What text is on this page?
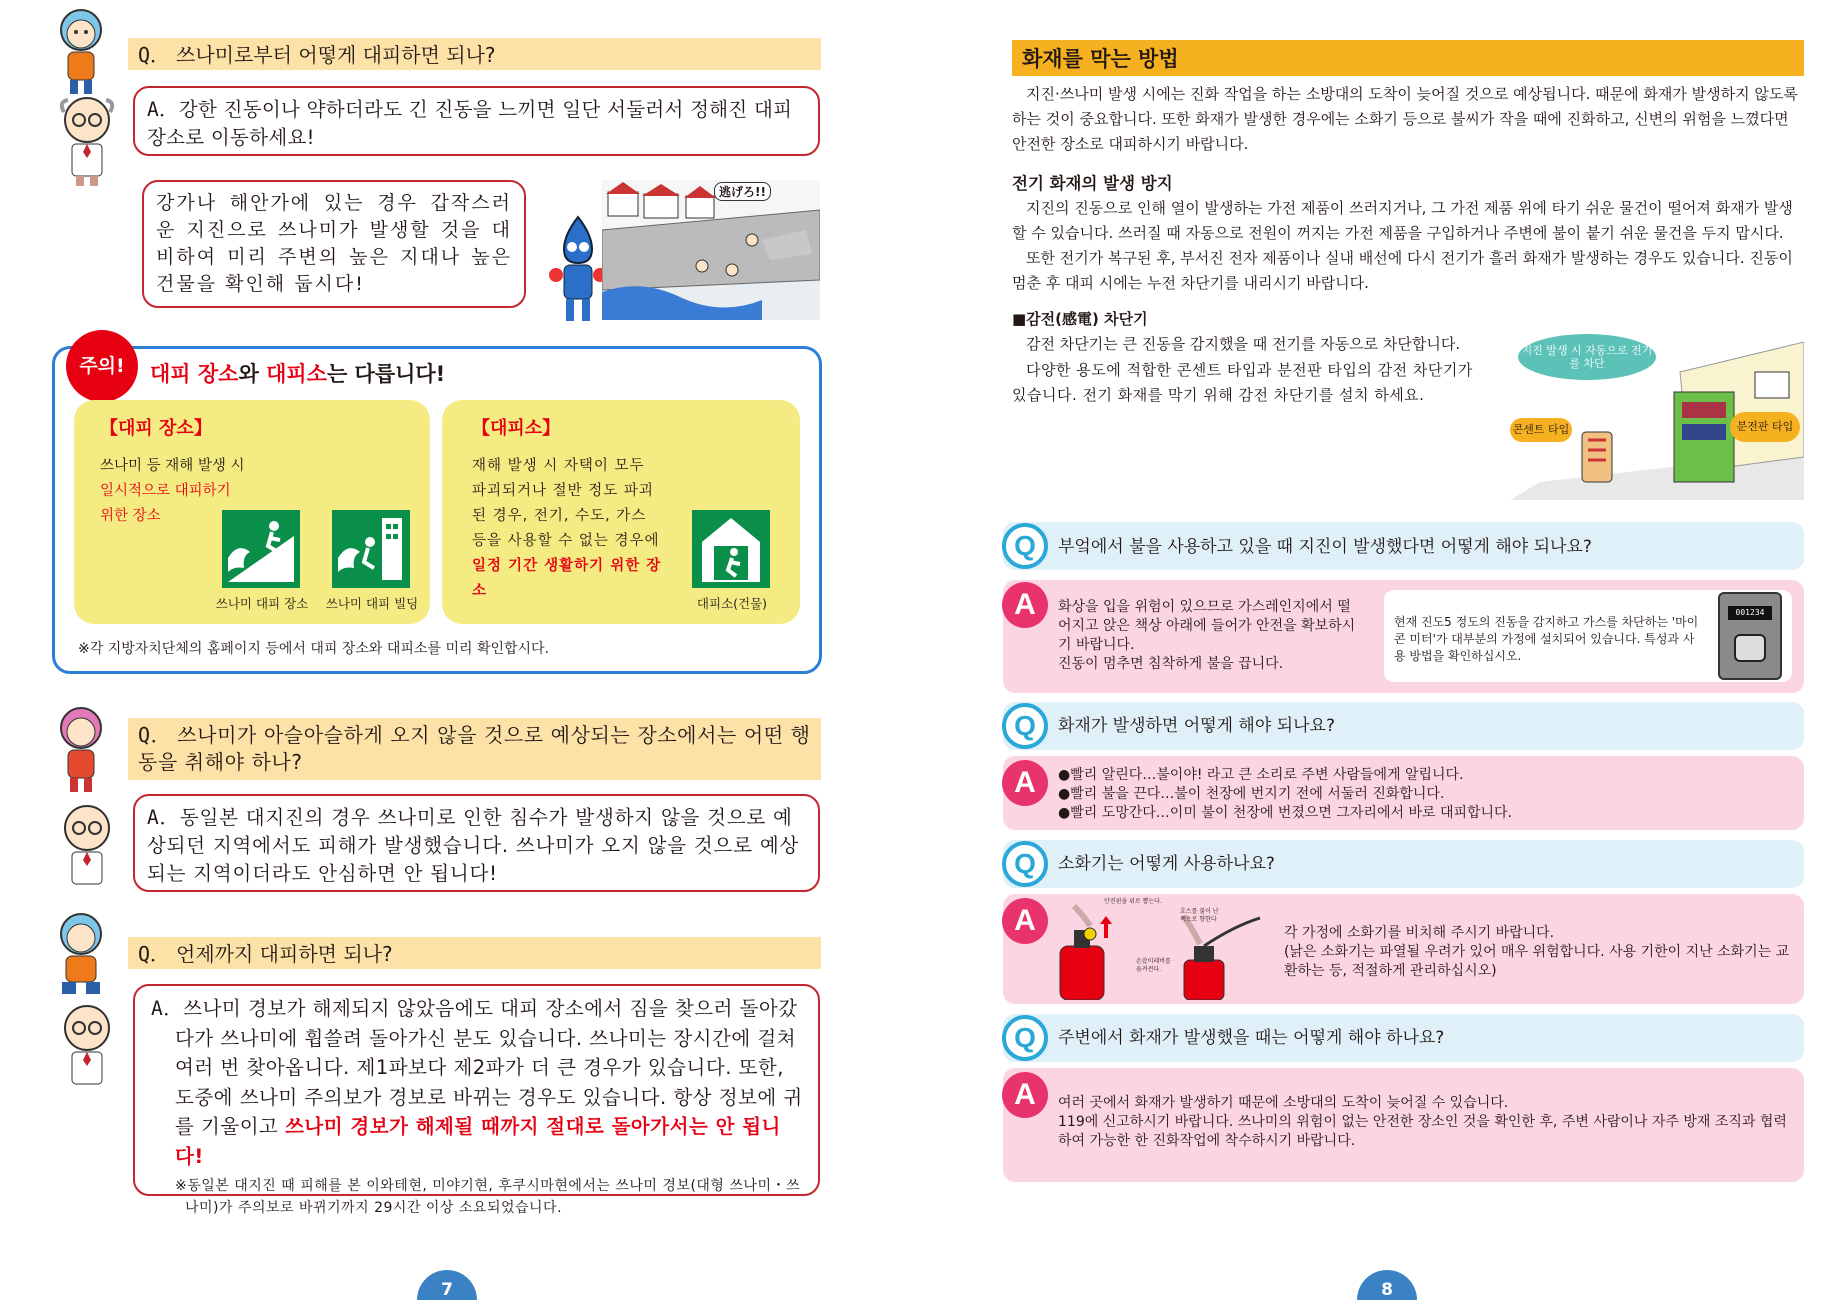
Q． 쓰나미로부터 어떻게 대피하면 되나?
A．강한 진동이나 약하더라도 긴 진동을 느끼면 일단 서둘러서 정해진 대피 장소로 이동하세요!
강가나 해안가에 있는 경우 갑작스러운 지진으로 쓰나미가 발생할 것을 대비하여 미리 주변의 높은 지대나 높은 건물을 확인해 둡시다!
逃げろ!!
주의!	대피 장소와 대피소는 다릅니다!
【대피 장소】
쓰나미 등 재해 발생 시
일시적으로 대피하기
위한 장소
쓰나미 대피 장소	쓰나미 대피 빌딩
【대피소】
재해 발생 시 자택이 모두 파괴되거나 절반 정도 파괴된 경우, 전기, 수도, 가스 등을 사용할 수 없는 경우에 일정 기간 생활하기 위한 장소
대피소(건물)
※각 지방자치단체의 홈페이지 등에서 대피 장소와 대피소를 미리 확인합시다.
Q． 쓰나미가 아슬아슬하게 오지 않을 것으로 예상되는 장소에서는 어떤 행동을 취해야 하나?
A．동일본 대지진의 경우 쓰나미로 인한 침수가 발생하지 않을 것으로 예상되던 지역에서도 피해가 발생했습니다. 쓰나미가 오지 않을 것으로 예상되는 지역이더라도 안심하면 안 됩니다!
Q． 언제까지 대피하면 되나?
A．쓰나미 경보가 해제되지 않았음에도 대피 장소에서 짐을 찾으러 돌아갔다가 쓰나미에 휩쓸려 돌아가신 분도 있습니다. 쓰나미는 장시간에 걸쳐 여러 번 찾아옵니다. 제1파보다 제2파가 더 큰 경우가 있습니다. 또한, 도중에 쓰나미 주의보가 경보로 바뀌는 경우도 있습니다. 항상 정보에 귀를 기울이고 쓰나미 경보가 해제될 때까지 절대로 돌아가서는 안 됩니다!
※동일본 대지진 때 피해를 본 이와테현, 미야기현, 후쿠시마현에서는 쓰나미 경보(대형 쓰나미・쓰나미)가 주의보로 바뀌기까지 29시간 이상 소요되었습니다.
7
화재를 막는 방법
지진·쓰나미 발생 시에는 진화 작업을 하는 소방대의 도착이 늦어질 것으로 예상됩니다. 때문에 화재가 발생하지 않도록 하는 것이 중요합니다. 또한 화재가 발생한 경우에는 소화기 등으로 불씨가 작을 때에 진화하고, 신변의 위험을 느꼈다면 안전한 장소로 대피하시기 바랍니다.
전기 화재의 발생 방지
지진의 진동으로 인해 열이 발생하는 가전 제품이 쓰러지거나, 그 가전 제품 위에 타기 쉬운 물건이 떨어져 화재가 발생할 수 있습니다. 쓰러질 때 자동으로 전원이 꺼지는 가전 제품을 구입하거나 주변에 불이 붙기 쉬운 물건을 두지 맙시다.
또한 전기가 복구된 후, 부서진 전자 제품이나 실내 배선에 다시 전기가 흘러 화재가 발생하는 경우도 있습니다. 진동이 멈춘 후 대피 시에는 누전 차단기를 내리시기 바랍니다.
■감전(感電) 차단기
감전 차단기는 큰 진동을 감지했을 때 전기를 자동으로 차단합니다.
다양한 용도에 적합한 콘센트 타입과 분전판 타입의 감전 차단기가 있습니다. 전기 화재를 막기 위해 감전 차단기를 설치 하세요.
지진 발생 시 자동으로 전기를 차단
콘센트 타입	분전판 타입
Q	부엌에서 불을 사용하고 있을 때 지진이 발생했다면 어떻게 해야 되나요?
A	화상을 입을 위험이 있으므로 가스레인지에서 떨어지고 앉은 책상 아래에 들어가 안전을 확보하시기 바랍니다.
진동이 멈추면 침착하게 불을 끕니다.
현재 진도5 정도의 진동을 감지하고 가스를 차단하는 '마이콘 미터'가 대부분의 가정에 설치되어 있습니다. 특성과 사용 방법을 확인하십시오.
001234
Q	화재가 발생하면 어떻게 해야 되나요?
A	●빨리 알린다…불이야! 라고 큰 소리로 주변 사람들에게 알립니다.
●빨리 불을 끈다…불이 천장에 번지기 전에 서둘러 진화합니다.
●빨리 도망간다…이미 불이 천장에 번졌으면 그자리에서 바로 대피합니다.
Q	소화기는 어떻게 사용하나요?
A
안전핀을 위로 뽑는다.
호스를 불이 난 쪽으로 향한다
손잡이레버를 움켜쥔다.
각 가정에 소화기를 비치해 주시기 바랍니다.
(낡은 소화기는 파열될 우려가 있어 매우 위험합니다. 사용 기한이 지난 소화기는 교환하는 등, 적절하게 관리하십시오)
Q	주변에서 화재가 발생했을 때는 어떻게 해야 하나요?
A	여러 곳에서 화재가 발생하기 때문에 소방대의 도착이 늦어질 수 있습니다.
119에 신고하시기 바랍니다. 쓰나미의 위험이 없는 안전한 장소인 것을 확인한 후, 주변 사람이나 자주 방재 조직과 협력하여 가능한 한 진화작업에 착수하시기 바랍니다.
8
